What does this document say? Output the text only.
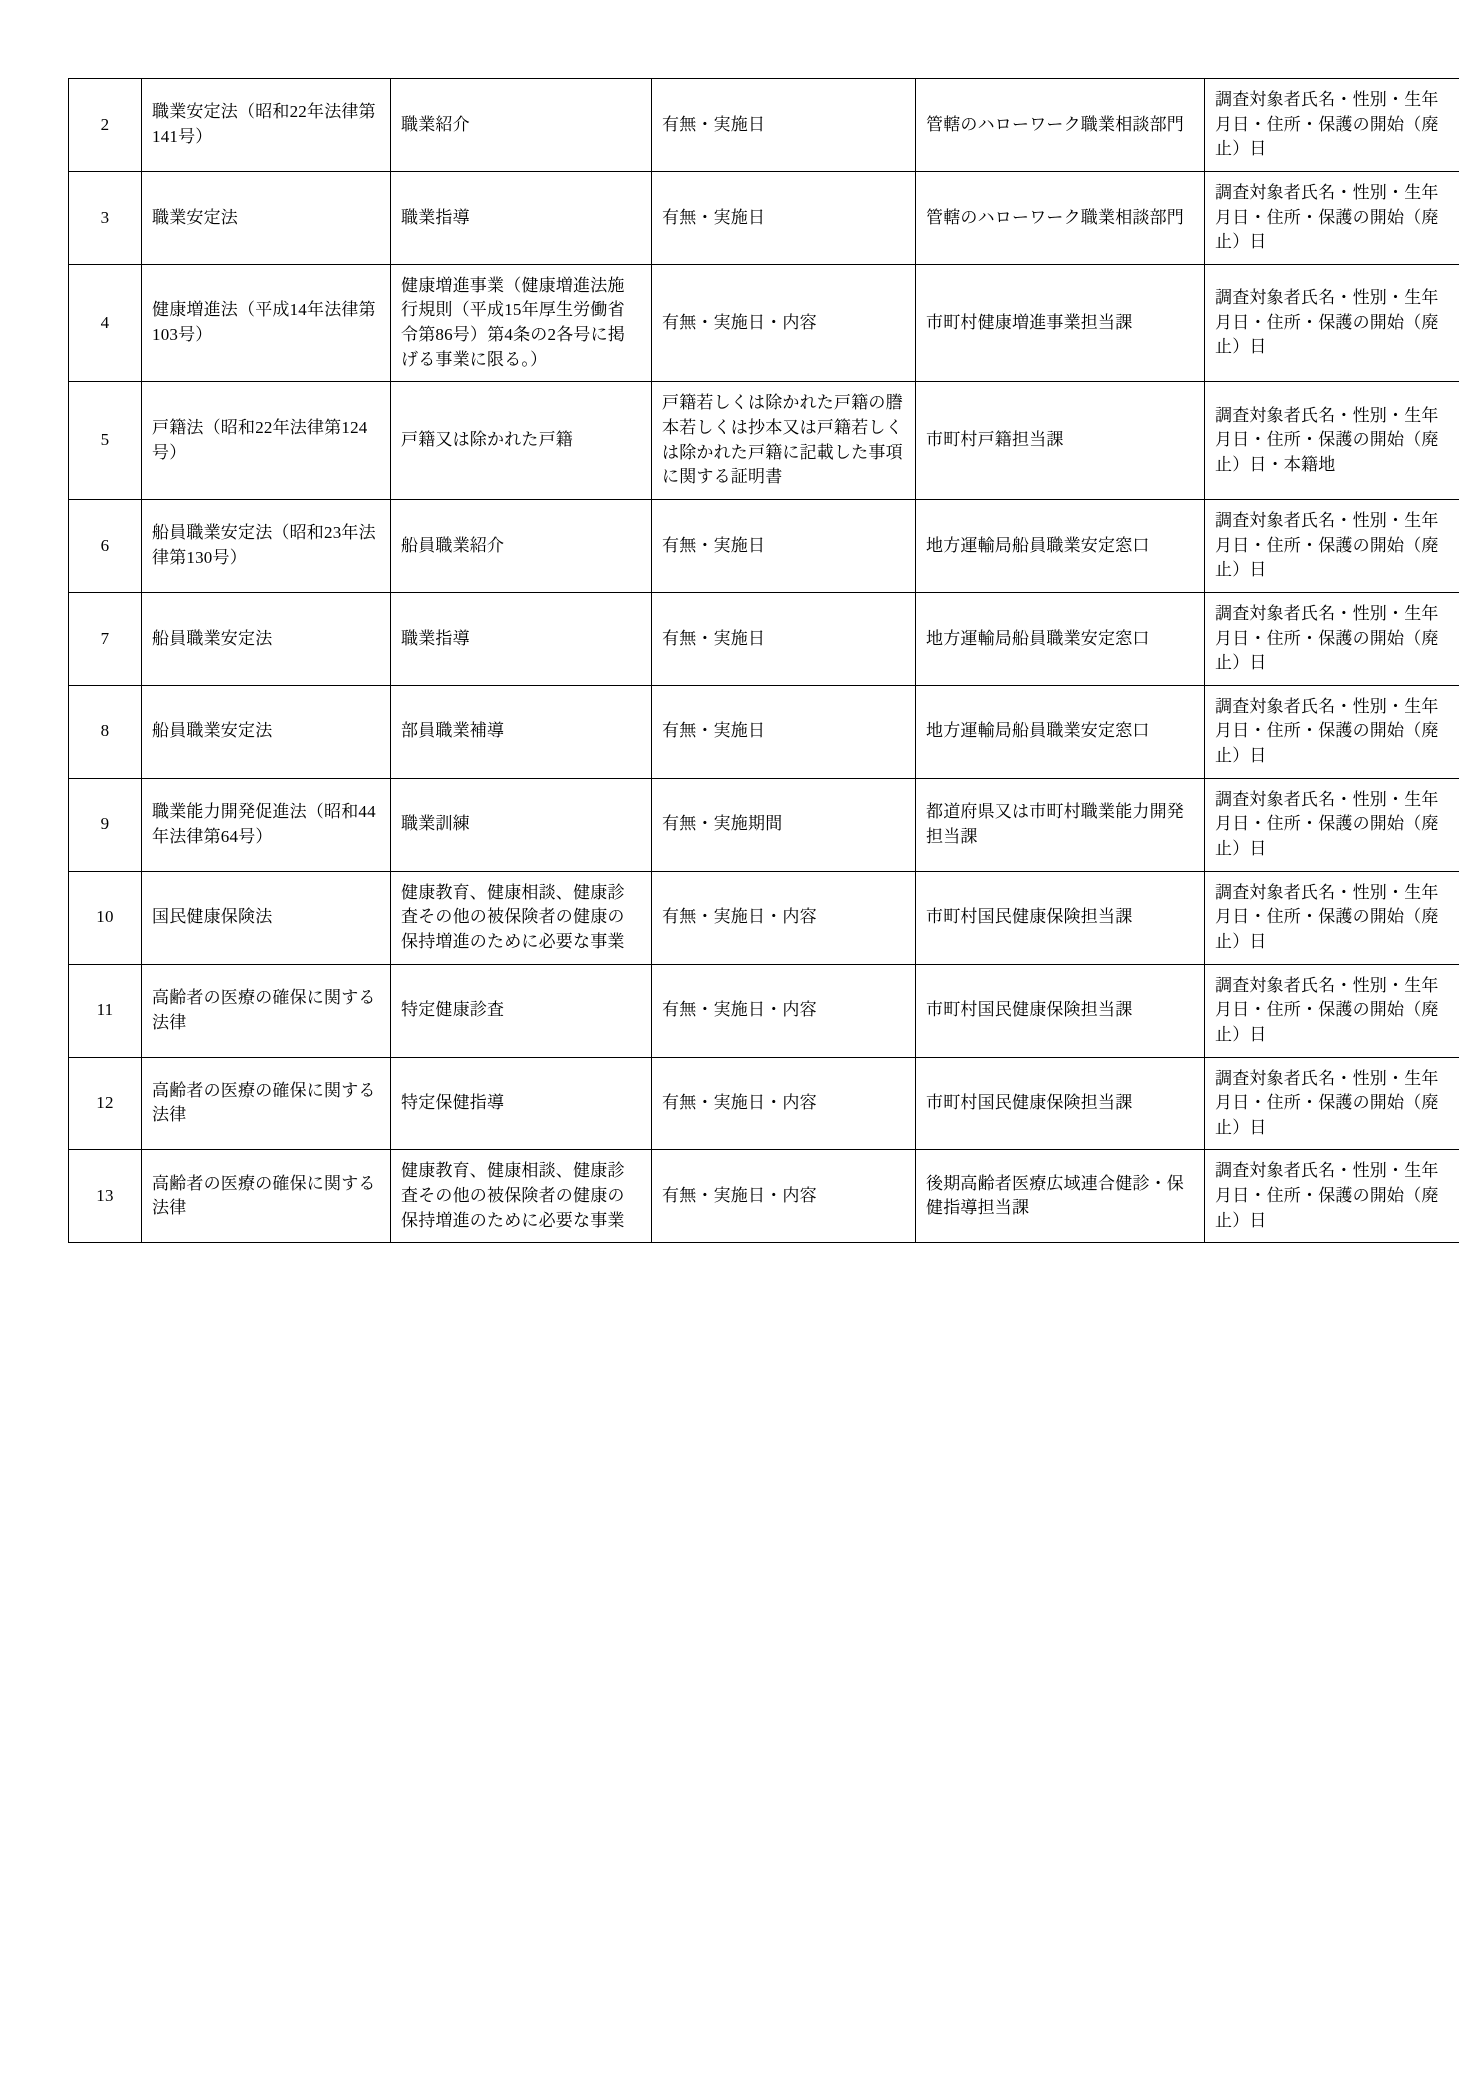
2	職業安定法（昭和22年法律第141号）	職業紹介	有無・実施日	管轄のハローワーク職業相談部門	調査対象者氏名・性別・生年月日・住所・保護の開始（廃止）日

3	職業安定法	職業指導	有無・実施日	管轄のハローワーク職業相談部門	調査対象者氏名・性別・生年月日・住所・保護の開始（廃止）日

4	健康増進法（平成14年法律第103号）	健康増進事業（健康増進法施行規則（平成15年厚生労働省令第86号）第4条の2各号に掲げる事業に限る。）	有無・実施日・内容	市町村健康増進事業担当課	調査対象者氏名・性別・生年月日・住所・保護の開始（廃止）日

5	戸籍法（昭和22年法律第124号）	戸籍又は除かれた戸籍	戸籍若しくは除かれた戸籍の謄本若しくは抄本又は戸籍若しくは除かれた戸籍に記載した事項に関する証明書	市町村戸籍担当課	調査対象者氏名・性別・生年月日・住所・保護の開始（廃止）日・本籍地

6	船員職業安定法（昭和23年法律第130号）	船員職業紹介	有無・実施日	地方運輸局船員職業安定窓口	調査対象者氏名・性別・生年月日・住所・保護の開始（廃止）日

7	船員職業安定法	職業指導	有無・実施日	地方運輸局船員職業安定窓口	調査対象者氏名・性別・生年月日・住所・保護の開始（廃止）日

8	船員職業安定法	部員職業補導	有無・実施日	地方運輸局船員職業安定窓口	調査対象者氏名・性別・生年月日・住所・保護の開始（廃止）日

9	職業能力開発促進法（昭和44年法律第64号）	職業訓練	有無・実施期間	都道府県又は市町村職業能力開発担当課	調査対象者氏名・性別・生年月日・住所・保護の開始（廃止）日

10	国民健康保険法	健康教育、健康相談、健康診査その他の被保険者の健康の保持増進のために必要な事業	有無・実施日・内容	市町村国民健康保険担当課	調査対象者氏名・性別・生年月日・住所・保護の開始（廃止）日

11	高齢者の医療の確保に関する法律	特定健康診査	有無・実施日・内容	市町村国民健康保険担当課	調査対象者氏名・性別・生年月日・住所・保護の開始（廃止）日

12	高齢者の医療の確保に関する法律	特定保健指導	有無・実施日・内容	市町村国民健康保険担当課	調査対象者氏名・性別・生年月日・住所・保護の開始（廃止）日

13	高齢者の医療の確保に関する法律	健康教育、健康相談、健康診査その他の被保険者の健康の保持増進のために必要な事業	有無・実施日・内容	後期高齢者医療広域連合健診・保健指導担当課	調査対象者氏名・性別・生年月日・住所・保護の開始（廃止）日
